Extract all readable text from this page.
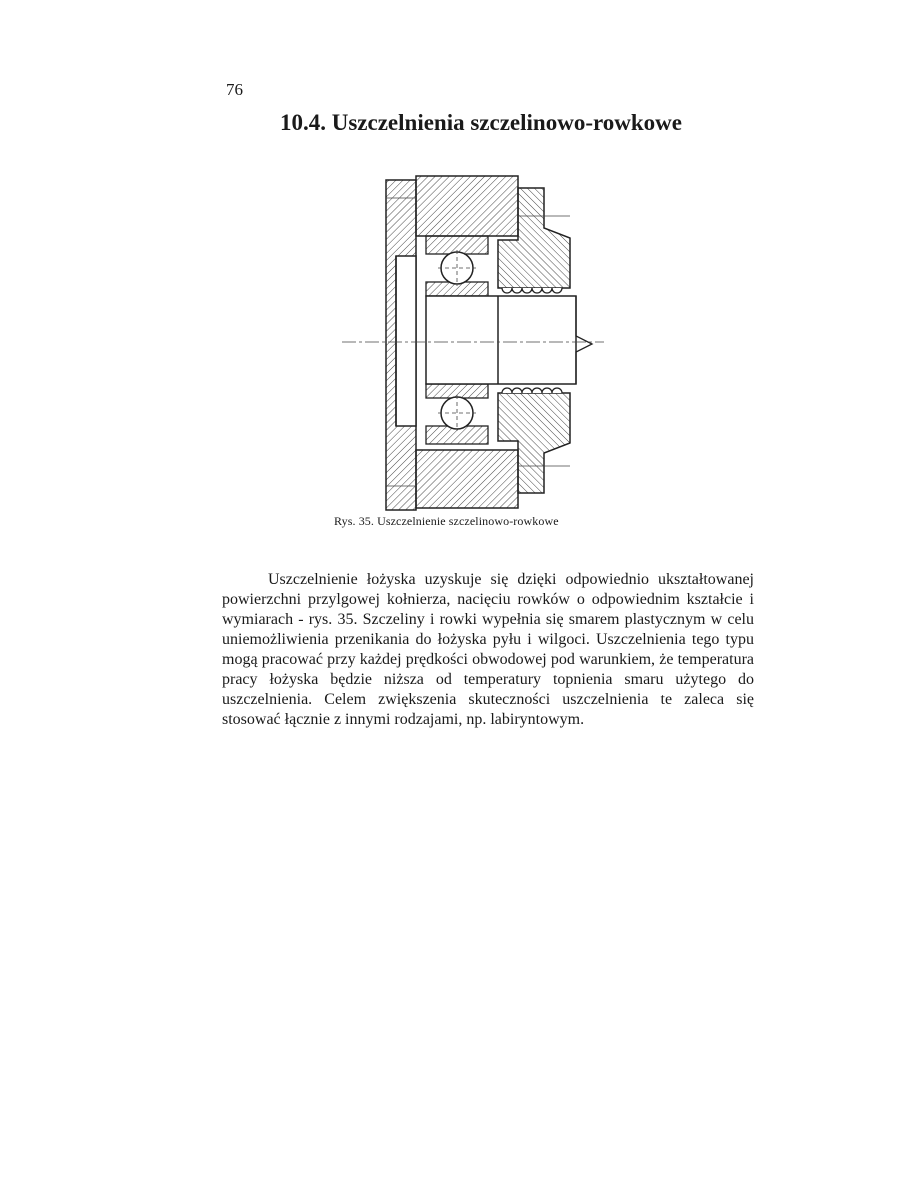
76
10.4. Uszczelnienia szczelinowo-rowkowe
Rys. 35. Uszczelnienie szczelinowo-rowkowe

Uszczelnienie łożyska uzyskuje się dzięki odpowiednio ukształtowanej powierzchni przylgowej kołnierza, nacięciu rowków o odpowiednim kształcie i wymiarach - rys. 35. Szczeliny i rowki wypełnia się smarem plastycznym w celu uniemożliwienia przenikania do łożyska pyłu i wilgoci. Uszczelnienia tego typu mogą pracować przy każdej prędkości obwodowej pod warunkiem, że temperatura pracy łożyska będzie niższa od temperatury topnienia smaru użytego do uszczelnienia. Celem zwiększenia skuteczności uszczelnienia te zaleca się stosować łącznie z innymi rodzajami, np. labiryntowym.
